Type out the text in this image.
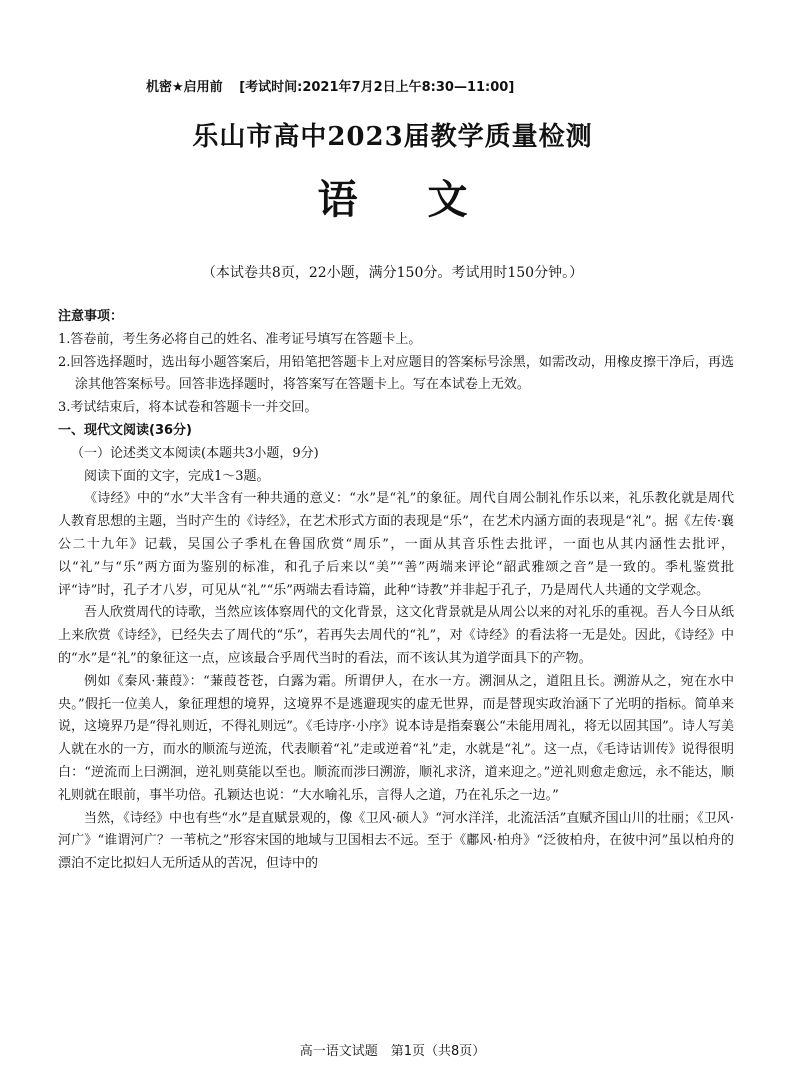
机密★启用前 [考试时间:2021年7月2日上午8:30—11:00]
乐山市高中2023届教学质量检测
语文
（本试卷共8页，22小题，满分150分。考试用时150分钟。）

注意事项：

1.答卷前，考生务必将自己的姓名、准考证号填写在答题卡上。

2.回答选择题时，选出每小题答案后，用铅笔把答题卡上对应题目的答案标号涂黑，如需改动，用橡皮擦干净后，再选涂其他答案标号。回答非选择题时，将答案写在答题卡上。写在本试卷上无效。

3.考试结束后，将本试卷和答题卡一并交回。

一、现代文阅读(36分)

（一）论述类文本阅读(本题共3小题，9分)

阅读下面的文字，完成1～3题。

《诗经》中的“水”大半含有一种共通的意义：“水”是“礼”的象征。周代自周公制礼作乐以来，礼乐教化就是周代人教育思想的主题，当时产生的《诗经》，在艺术形式方面的表现是“乐”，在艺术内涵方面的表现是“礼”。据《左传·襄公二十九年》记载，吴国公子季札在鲁国欣赏“周乐”，一面从其音乐性去批评，一面也从其内涵性去批评，以“礼”与“乐”两方面为鉴别的标准，和孔子后来以“美”“善”两端来评论“韶武雅颂之音”是一致的。季札鉴赏批评“诗”时，孔子才八岁，可见从“礼”“乐”两端去看诗篇，此种“诗教”并非起于孔子，乃是周代人共通的文学观念。

吾人欣赏周代的诗歌，当然应该体察周代的文化背景，这文化背景就是从周公以来的对礼乐的重视。吾人今日从纸上来欣赏《诗经》，已经失去了周代的“乐”，若再失去周代的“礼”，对《诗经》的看法将一无是处。因此，《诗经》中的“水”是“礼”的象征这一点，应该最合乎周代当时的看法，而不该认其为道学面具下的产物。

例如《秦风·蒹葭》：“蒹葭苍苍，白露为霜。所谓伊人，在水一方。溯洄从之，道阻且长。溯游从之，宛在水中央。”假托一位美人，象征理想的境界，这境界不是逃避现实的虚无世界，而是替现实政治涵下了光明的指标。简单来说，这境界乃是“得礼则近，不得礼则远”。《毛诗序·小序》说本诗是指秦襄公“未能用周礼，将无以固其国”。诗人写美人就在水的一方，而水的顺流与逆流，代表顺着“礼”走或逆着“礼”走，水就是“礼”。这一点，《毛诗诂训传》说得很明白：“逆流而上曰溯洄，逆礼则莫能以至也。顺流而涉曰溯游，顺礼求济，道来迎之。”逆礼则愈走愈远，永不能达，顺礼则就在眼前，事半功倍。孔颖达也说：“大水喻礼乐，言得人之道，乃在礼乐之一边。”

当然，《诗经》中也有些“水”是直赋景观的，像《卫风·硕人》“河水洋洋，北流活活”直赋齐国山川的壮丽；《卫风·河广》“谁谓河广？一苇杭之”形容宋国的地域与卫国相去不远。至于《鄘风·柏舟》“泛彼柏舟，在彼中河”虽以柏舟的漂泊不定比拟妇人无所适从的苦况，但诗中的

高一语文试题　第1页（共8页）
